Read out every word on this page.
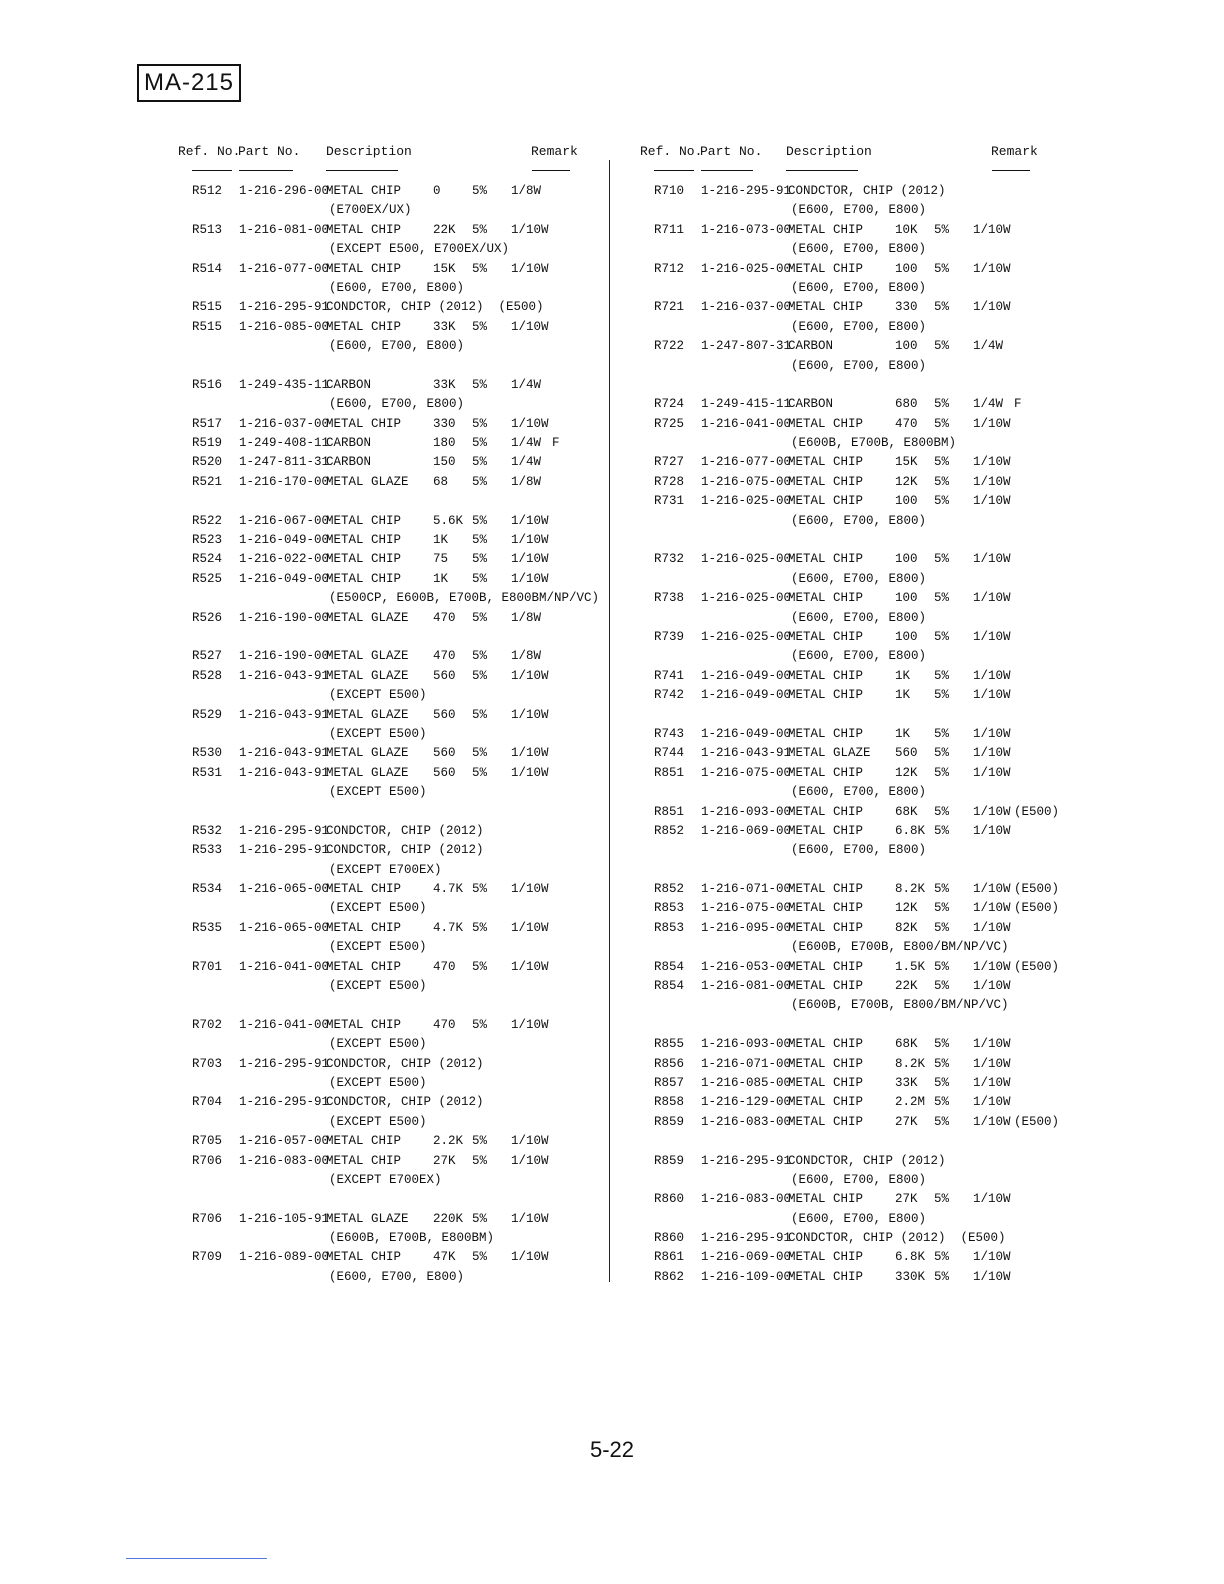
MA-215
Ref. No.
Part No. Description	Remark
R512 1-216-296-00
METAL CHIP	0	5% 1/8W
(E700EX/UX)
R513 1-216-081-00
METAL CHIP	22K 5% 1/10W
(EXCEPT E500, E700EX/UX)
R514 1-216-077-00
METAL CHIP	15K 5% 1/10W
(E600, E700, E800)
R515 1-216-295-91
CONDCTOR, CHIP (2012)  (E500)
R515 1-216-085-00
METAL CHIP	33K 5% 1/10W
(E600, E700, E800)
R516 1-249-435-11
CARBON	33K 5% 1/4W
(E600, E700, E800)
R517 1-216-037-00
METAL CHIP	330 5% 1/10W
R519 1-249-408-11
CARBON	180 5% 1/4W F
R520 1-247-811-31
CARBON	150 5% 1/4W
R521 1-216-170-00
METAL GLAZE 68 5% 1/8W
R522 1-216-067-00
METAL CHIP	5.6K 5% 1/10W
R523 1-216-049-00
METAL CHIP	1K 5% 1/10W
R524 1-216-022-00
METAL CHIP	75 5% 1/10W
R525 1-216-049-00
METAL CHIP	1K 5% 1/10W
(E500CP, E600B, E700B, E800BM/NP/VC)
R526 1-216-190-00
METAL GLAZE 470 5% 1/8W
R527 1-216-190-00
METAL GLAZE 470 5% 1/8W
R528 1-216-043-91
METAL GLAZE 560 5% 1/10W
(EXCEPT E500)
R529 1-216-043-91
METAL GLAZE 560 5% 1/10W
(EXCEPT E500)
R530 1-216-043-91
METAL GLAZE 560 5% 1/10W
R531 1-216-043-91
METAL GLAZE 560 5% 1/10W
(EXCEPT E500)
R532 1-216-295-91
CONDCTOR, CHIP (2012)
R533 1-216-295-91
CONDCTOR, CHIP (2012)
(EXCEPT E700EX)
R534 1-216-065-00
METAL CHIP	4.7K 5% 1/10W
(EXCEPT E500)
R535 1-216-065-00
METAL CHIP	4.7K 5% 1/10W
(EXCEPT E500)
R701 1-216-041-00
METAL CHIP	470 5% 1/10W
(EXCEPT E500)
R702 1-216-041-00
METAL CHIP	470 5% 1/10W
(EXCEPT E500)
R703 1-216-295-91
CONDCTOR, CHIP (2012)
(EXCEPT E500)
R704 1-216-295-91
CONDCTOR, CHIP (2012)
(EXCEPT E500)
R705 1-216-057-00
METAL CHIP	2.2K 5% 1/10W
R706 1-216-083-00
METAL CHIP	27K 5% 1/10W
(EXCEPT E700EX)
R706 1-216-105-91
METAL GLAZE 220K 5% 1/10W
(E600B, E700B, E800BM)
R709 1-216-089-00
METAL CHIP	47K 5% 1/10W
(E600, E700, E800)
Ref. No.
Part No. Description	Remark
R710 1-216-295-91
CONDCTOR, CHIP (2012)
(E600, E700, E800)
R711 1-216-073-00
METAL CHIP	10K 5% 1/10W
(E600, E700, E800)
R712 1-216-025-00
METAL CHIP	100 5% 1/10W
(E600, E700, E800)
R721 1-216-037-00
METAL CHIP	330 5% 1/10W
(E600, E700, E800)
R722 1-247-807-31
CARBON	100 5% 1/4W
(E600, E700, E800)
R724 1-249-415-11
CARBON	680 5% 1/4W F
R725 1-216-041-00
METAL CHIP	470 5% 1/10W
(E600B, E700B, E800BM)
R727 1-216-077-00
METAL CHIP	15K 5% 1/10W
R728 1-216-075-00
METAL CHIP	12K 5% 1/10W
R731 1-216-025-00
METAL CHIP	100 5% 1/10W
(E600, E700, E800)
R732 1-216-025-00
METAL CHIP	100 5% 1/10W
(E600, E700, E800)
R738 1-216-025-00
METAL CHIP	100 5% 1/10W
(E600, E700, E800)
R739 1-216-025-00
METAL CHIP	100 5% 1/10W
(E600, E700, E800)
R741 1-216-049-00
METAL CHIP	1K 5% 1/10W
R742 1-216-049-00
METAL CHIP	1K 5% 1/10W
R743 1-216-049-00
METAL CHIP	1K 5% 1/10W
R744 1-216-043-91
METAL GLAZE 560 5% 1/10W
R851 1-216-075-00
METAL CHIP	12K 5% 1/10W
(E600, E700, E800)
R851 1-216-093-00
METAL CHIP	68K 5% 1/10W (E500)
R852 1-216-069-00
METAL CHIP	6.8K 5% 1/10W
(E600, E700, E800)
R852 1-216-071-00
METAL CHIP	8.2K 5% 1/10W (E500)
R853 1-216-075-00
METAL CHIP	12K 5% 1/10W (E500)
R853 1-216-095-00
METAL CHIP	82K 5% 1/10W
(E600B, E700B, E800/BM/NP/VC)
R854 1-216-053-00
METAL CHIP	1.5K 5% 1/10W (E500)
R854 1-216-081-00
METAL CHIP	22K 5% 1/10W
(E600B, E700B, E800/BM/NP/VC)
R855 1-216-093-00
METAL CHIP	68K 5% 1/10W
R856 1-216-071-00
METAL CHIP	8.2K 5% 1/10W
R857 1-216-085-00
METAL CHIP	33K 5% 1/10W
R858 1-216-129-00
METAL CHIP	2.2M 5% 1/10W
R859 1-216-083-00
METAL CHIP	27K 5% 1/10W (E500)
R859 1-216-295-91
CONDCTOR, CHIP (2012)
(E600, E700, E800)
R860 1-216-083-00
METAL CHIP	27K 5% 1/10W
(E600, E700, E800)
R860 1-216-295-91
CONDCTOR, CHIP (2012)  (E500)
R861 1-216-069-00
METAL CHIP	6.8K 5% 1/10W
R862 1-216-109-00
METAL CHIP	330K 5% 1/10W
5-22
